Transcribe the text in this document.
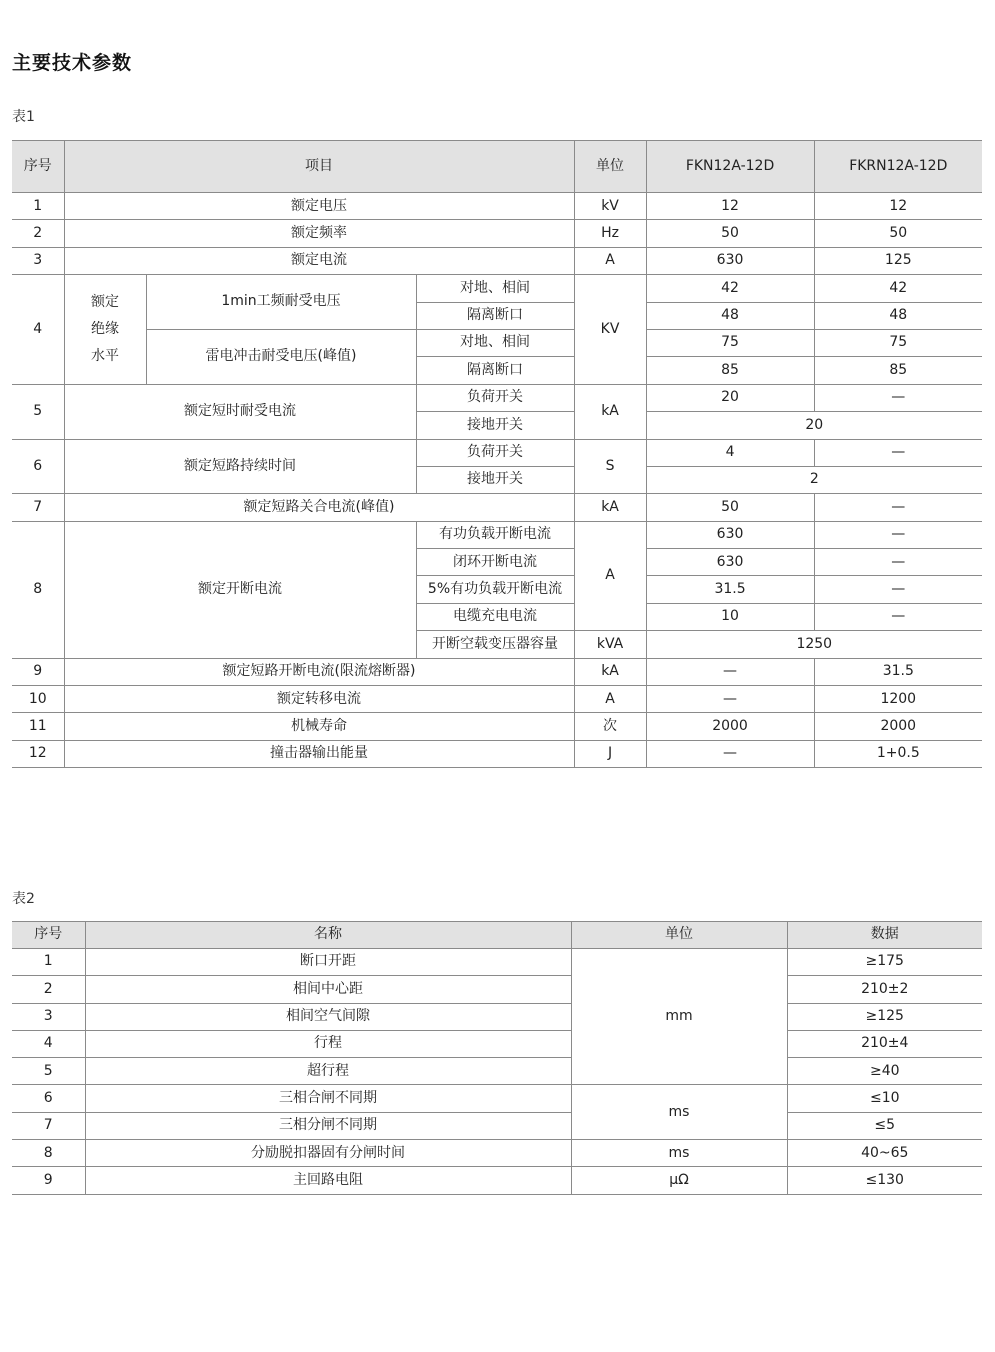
主要技术参数
表1
序号	项目			单位	FKN12A-12D	FKRN12A-12D
1	额定电压			kV	12	12
2	额定频率			Hz	50	50
3	额定电流			A	630	125
4	额定
绝缘
水平	1min工频耐受电压	对地、相间	KV	42	42
			隔离断口		48	48
		雷电冲击耐受电压(峰值)	对地、相间		75	75
			隔离断口		85	85
5	额定短时耐受电流		负荷开关	kA	20	—
			接地开关		20	
6	额定短路持续时间		负荷开关	S	4	—
			接地开关		2	
7	额定短路关合电流(峰值)			kA	50	—
8	额定开断电流		有功负载开断电流	A	630	—
			闭环开断电流		630	—
			5%有功负载开断电流		31.5	—
			电缆充电电流		10	—
			开断空载变压器容量	kVA	1250	
9	额定短路开断电流(限流熔断器)			kA	—	31.5
10	额定转移电流			A	—	1200
11	机械寿命			次	2000	2000
12	撞击器输出能量			J	—	1+0.5
表2
序号	名称	单位	数据
1	断口开距	mm	≥175
2	相间中心距		210±2
3	相间空气间隙		≥125
4	行程		210±4
5	超行程		≥40
6	三相合闸不同期	ms	≤10
7	三相分闸不同期		≤5
8	分励脱扣器固有分闸时间	ms	40~65
9	主回路电阻	μΩ	≤130
